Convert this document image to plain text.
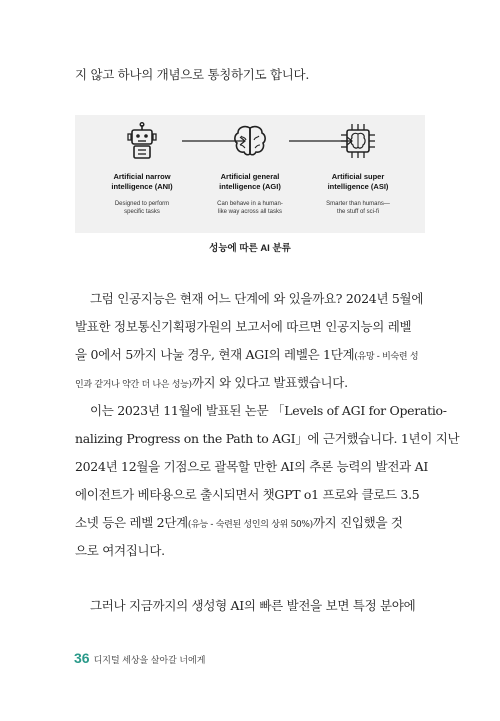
지 않고 하나의 개념으로 통칭하기도 합니다.
Artificial narrow
intelligence (ANI)
Designed to perform
specific tasks
Artificial general
intelligence (AGI)
Can behave in a human-
like way across all tasks
Artificial super
intelligence (ASI)
Smarter than humans—
the stuff of sci-fi
성능에 따른 AI 분류
그럼 인공지능은 현재 어느 단계에 와 있을까요? 2024년 5월에
발표한 정보통신기획평가원의 보고서에 따르면 인공지능의 레벨
을 0에서 5까지 나눌 경우, 현재 AGI의 레벨은 1단계(유망 - 비숙련 성
인과 같거나 약간 더 나은 성능)까지 와 있다고 발표했습니다.
이는 2023년 11월에 발표된 논문 「Levels of AGI for Operatio-
nalizing Progress on the Path to AGI」에 근거했습니다. 1년이 지난
2024년 12월을 기점으로 괄목할 만한 AI의 추론 능력의 발전과 AI
에이전트가 베타용으로 출시되면서 챗GPT o1 프로와 클로드 3.5
소넷 등은 레벨 2단계(유능 - 숙련된 성인의 상위 50%)까지 진입했을 것
으로 여겨집니다.
그러나 지금까지의 생성형 AI의 빠른 발전을 보면 특정 분야에
36 디지털 세상을 살아갈 너에게
